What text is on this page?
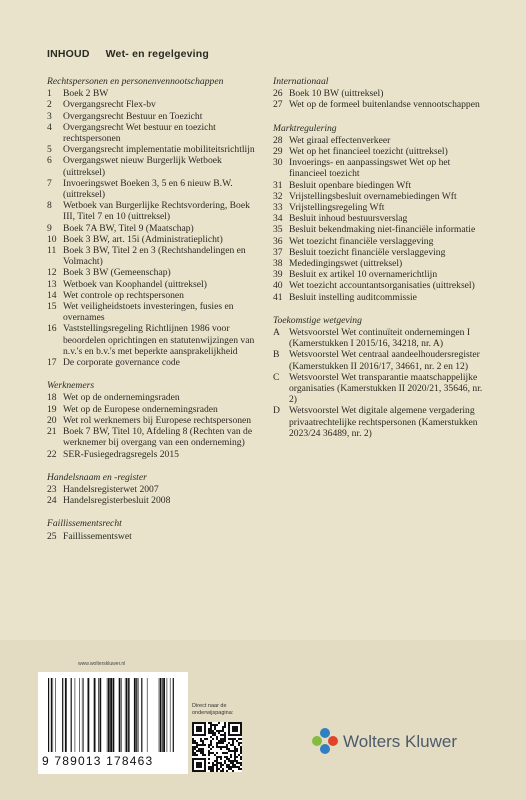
INHOUD Wet- en regelgeving
Rechtspersonen en personenvennootschappen
1	Boek 2 BW
2	Overgangsrecht Flex-bv
3	Overgangsrecht Bestuur en Toezicht
4	Overgangsrecht Wet bestuur en toezicht rechtspersonen
5	Overgangsrecht implementatie mobiliteitsrichtlijn
6	Overgangswet nieuw Burgerlijk Wetboek (uittreksel)
7	Invoeringswet Boeken 3, 5 en 6 nieuw B.W. (uittreksel)
8	Wetboek van Burgerlijke Rechtsvordering, Boek III, Titel 7 en 10 (uittreksel)
9	Boek 7A BW, Titel 9 (Maatschap)
10 Boek 3 BW, art. 15i (Administratieplicht)
11 Boek 3 BW, Titel 2 en 3 (Rechtshandelingen en Volmacht)
12 Boek 3 BW (Gemeenschap)
13 Wetboek van Koophandel (uittreksel)
14 Wet controle op rechtspersonen
15 Wet veiligheidstoets investeringen, fusies en overnames
16 Vaststellingsregeling Richtlijnen 1986 voor beoordelen oprichtingen en statutenwijzingen van n.v.'s en b.v.'s met beperkte aansprakelijkheid
17 De corporate governance code
Werknemers
18 Wet op de ondernemingsraden
19 Wet op de Europese ondernemingsraden
20 Wet rol werknemers bij Europese rechtspersonen
21 Boek 7 BW, Titel 10, Afdeling 8 (Rechten van de werknemer bij overgang van een onderneming)
22 SER-Fusiegedragsregels 2015
Handelsnaam en -register
23 Handelsregisterwet 2007
24 Handelsregisterbesluit 2008
Faillissementsrecht
25 Faillissementswet
Internationaal
26 Boek 10 BW (uittreksel)
27 Wet op de formeel buitenlandse vennootschappen
Marktregulering
28 Wet giraal effectenverkeer
29 Wet op het financieel toezicht (uittreksel)
30 Invoerings- en aanpassingswet Wet op het financieel toezicht
31 Besluit openbare biedingen Wft
32 Vrijstellingsbesluit overnamebiedingen Wft
33 Vrijstellingsregeling Wft
34 Besluit inhoud bestuursverslag
35 Besluit bekendmaking niet-financiële informatie
36 Wet toezicht financiële verslaggeving
37 Besluit toezicht financiële verslaggeving
38 Mededingingswet (uittreksel)
39 Besluit ex artikel 10 overnamerichtlijn
40 Wet toezicht accountantsorganisaties (uittreksel)
41 Besluit instelling auditcommissie
Toekomstige wetgeving
A Wetsvoorstel Wet continuïteit ondernemingen I (Kamerstukken I 2015/16, 34218, nr. A)
B Wetsvoorstel Wet centraal aandeelhoudersregister (Kamerstukken II 2016/17, 34661, nr. 2 en 12)
C Wetsvoorstel Wet transparantie maatschappelijke organisaties (Kamerstukken II 2020/21, 35646, nr. 2)
D Wetsvoorstel Wet digitale algemene vergadering privaatrechtelijke rechtspersonen (Kamerstukken 2023/24 36489, nr. 2)
www.wolterskluwer.nl
9 789013 178463
Direct naar de onderwijspagina:
Wolters Kluwer
